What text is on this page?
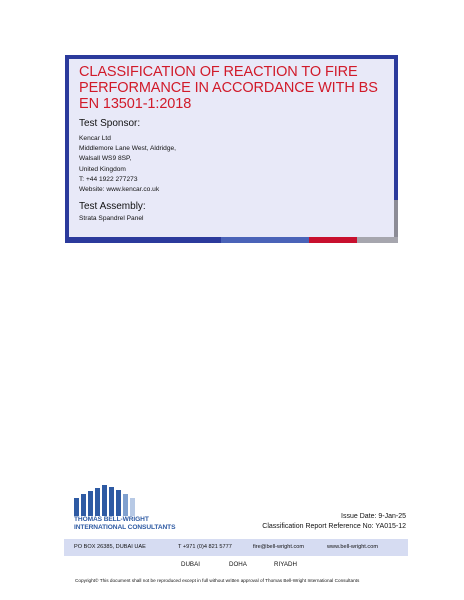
CLASSIFICATION OF REACTION TO FIRE PERFORMANCE IN ACCORDANCE WITH BS EN 13501-1:2018
Test Sponsor:
Kencar Ltd
Middlemore Lane West, Aldridge,
Walsall WS9 8SP,
United Kingdom
T: +44 1922 277273
Website: www.kencar.co.uk
Test Assembly:
Strata Spandrel Panel
THOMAS BELL-WRIGHT
INTERNATIONAL CONSULTANTS
Issue Date: 9-Jan-25
Classification Report Reference No: YA015-12
PO BOX 26385, DUBAI UAE	T +971 (0)4 821 5777	fire@bell-wright.com	www.bell-wright.com
DUBAI	DOHA	RIYADH
Copyright© This document shall not be reproduced except in full without written approval of Thomas Bell-Wright International Consultants
